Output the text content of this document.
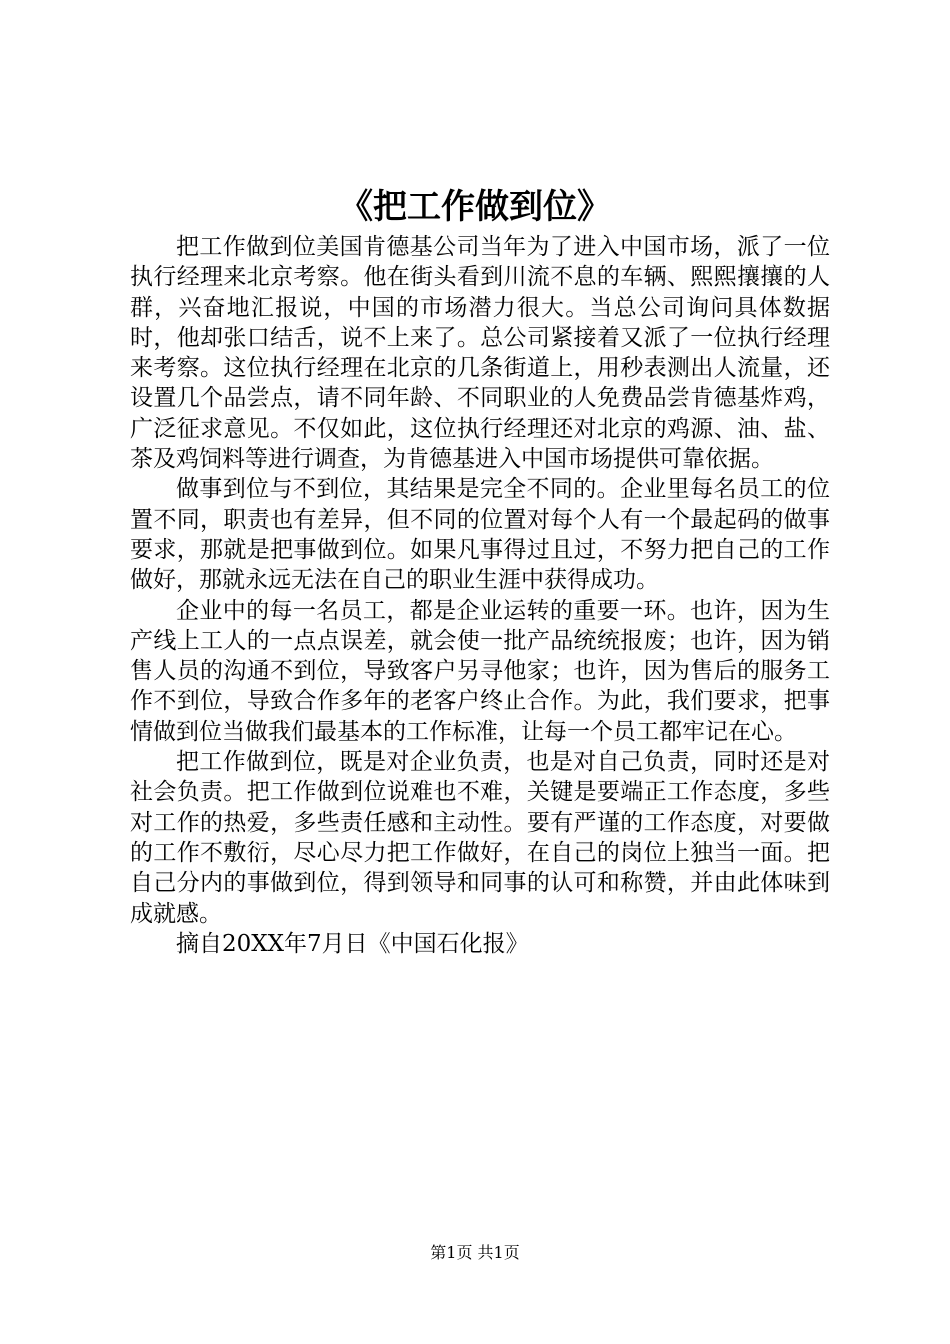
《把工作做到位》

把工作做到位美国肯德基公司当年为了进入中国市场，派了一位执行经理来北京考察。他在街头看到川流不息的车辆、熙熙攘攘的人群，兴奋地汇报说，中国的市场潜力很大。当总公司询问具体数据时，他却张口结舌，说不上来了。总公司紧接着又派了一位执行经理来考察。这位执行经理在北京的几条街道上，用秒表测出人流量，还设置几个品尝点，请不同年龄、不同职业的人免费品尝肯德基炸鸡，广泛征求意见。不仅如此，这位执行经理还对北京的鸡源、油、盐、茶及鸡饲料等进行调查，为肯德基进入中国市场提供可靠依据。

做事到位与不到位，其结果是完全不同的。企业里每名员工的位置不同，职责也有差异，但不同的位置对每个人有一个最起码的做事要求，那就是把事做到位。如果凡事得过且过，不努力把自己的工作做好，那就永远无法在自己的职业生涯中获得成功。

企业中的每一名员工，都是企业运转的重要一环。也许，因为生产线上工人的一点点误差，就会使一批产品统统报废；也许，因为销售人员的沟通不到位，导致客户另寻他家；也许，因为售后的服务工作不到位，导致合作多年的老客户终止合作。为此，我们要求，把事情做到位当做我们最基本的工作标准，让每一个员工都牢记在心。

把工作做到位，既是对企业负责，也是对自己负责，同时还是对社会负责。把工作做到位说难也不难，关键是要端正工作态度，多些对工作的热爱，多些责任感和主动性。要有严谨的工作态度，对要做的工作不敷衍，尽心尽力把工作做好，在自己的岗位上独当一面。把自己分内的事做到位，得到领导和同事的认可和称赞，并由此体味到成就感。

摘自20XX年7月日《中国石化报》

第1页 共1页
